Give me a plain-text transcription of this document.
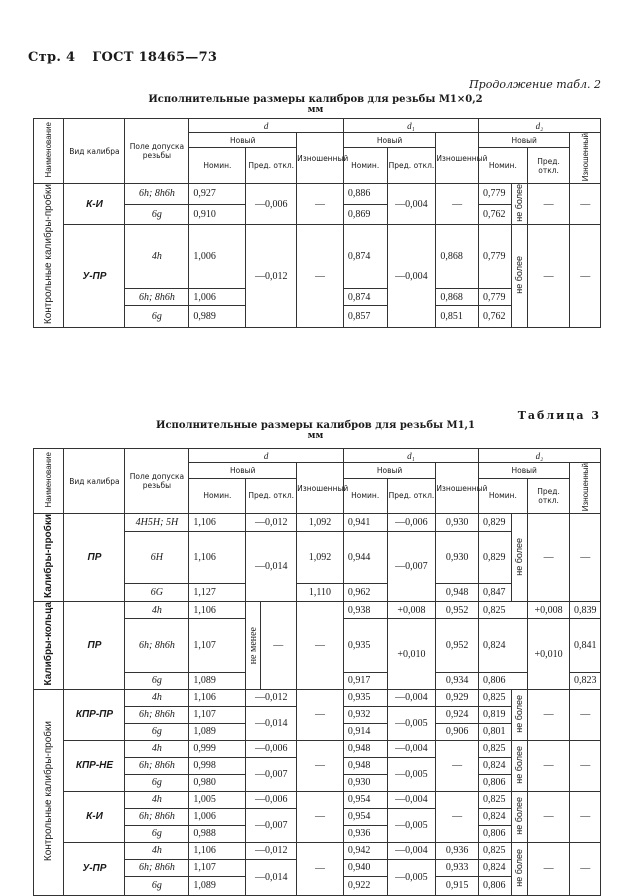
Стр. 4 ГОСТ 18465—73
Продолжение табл. 2
Исполнительные размеры калибров для резьбы М1×0,2
мм
Наименование	Вид калибра	Поле допуска резьбы	d			d₁			d₂			
			Новый		Изношенный	Новый		Изношенный	Новый			Изношенный
			Номин.	Пред. откл.		Номин.	Пред. откл.		Номин.		Пред. откл.	
Контрольные калибры-пробки	К-И	6h; 8h6h	0,927	—0,006	—	0,886	—0,004	—	0,779	не более	—	—
		6g	0,910			0,869			0,762			
	У-ПР	4h	1,006	—0,012	—	0,874	—0,004	0,868	0,779	не более	—	—
		6h; 8h6h	1,006			0,874		0,868	0,779			
		6g	0,989			0,857		0,851	0,762			
Таблица 3
Исполнительные размеры калибров для резьбы М1,1
мм
Наименование	Вид калибра	Поле допуска резьбы	d			d₁			d₂			
			Новый		Изношенный	Новый		Изношенный	Новый			Изношенный
			Номин.	Пред. откл.		Номин.	Пред. откл.		Номин.		Пред. откл.	
Калибры-пробки	ПР	4H5H; 5H	1,106	—0,012	1,092	0,941	—0,006	0,930	0,829	не более	—	—
		6H	1,106	—0,014	1,092	0,944	—0,007	0,930	0,829			
		6G	1,127		1,110	0,962		0,948	0,847			
Калибры-кольца	ПР	4h	1,106	не менее —	—	0,938	+0,008	0,952	0,825		+0,008	0,839
		6h; 8h6h	1,107			0,935	+0,010	0,952	0,824		+0,010	0,841
		6g	1,089			0,917		0,934	0,806			0,823
Контрольные калибры-пробки	КПР-ПР	4h	1,106	—0,012	—	0,935	—0,004	0,929	0,825	не более	—	—
		6h; 8h6h	1,107	—0,014		0,932	—0,005	0,924	0,819			
		6g	1,089			0,914		0,906	0,801			
	КПР-НЕ	4h	0,999	—0,006	—	0,948	—0,004	—	0,825	не более	—	—
		6h; 8h6h	0,998	—0,007		0,948	—0,005		0,824			
		6g	0,980			0,930			0,806			
	К-И	4h	1,005	—0,006	—	0,954	—0,004	—	0,825	не более	—	—
		6h; 8h6h	1,006	—0,007		0,954	—0,005		0,824			
		6g	0,988			0,936			0,806			
	У-ПР	4h	1,106	—0,012	—	0,942	—0,004	0,936	0,825	не более	—	—
		6h; 8h6h	1,107	—0,014		0,940	—0,005	0,933	0,824			
		6g	1,089			0,922		0,915	0,806			
